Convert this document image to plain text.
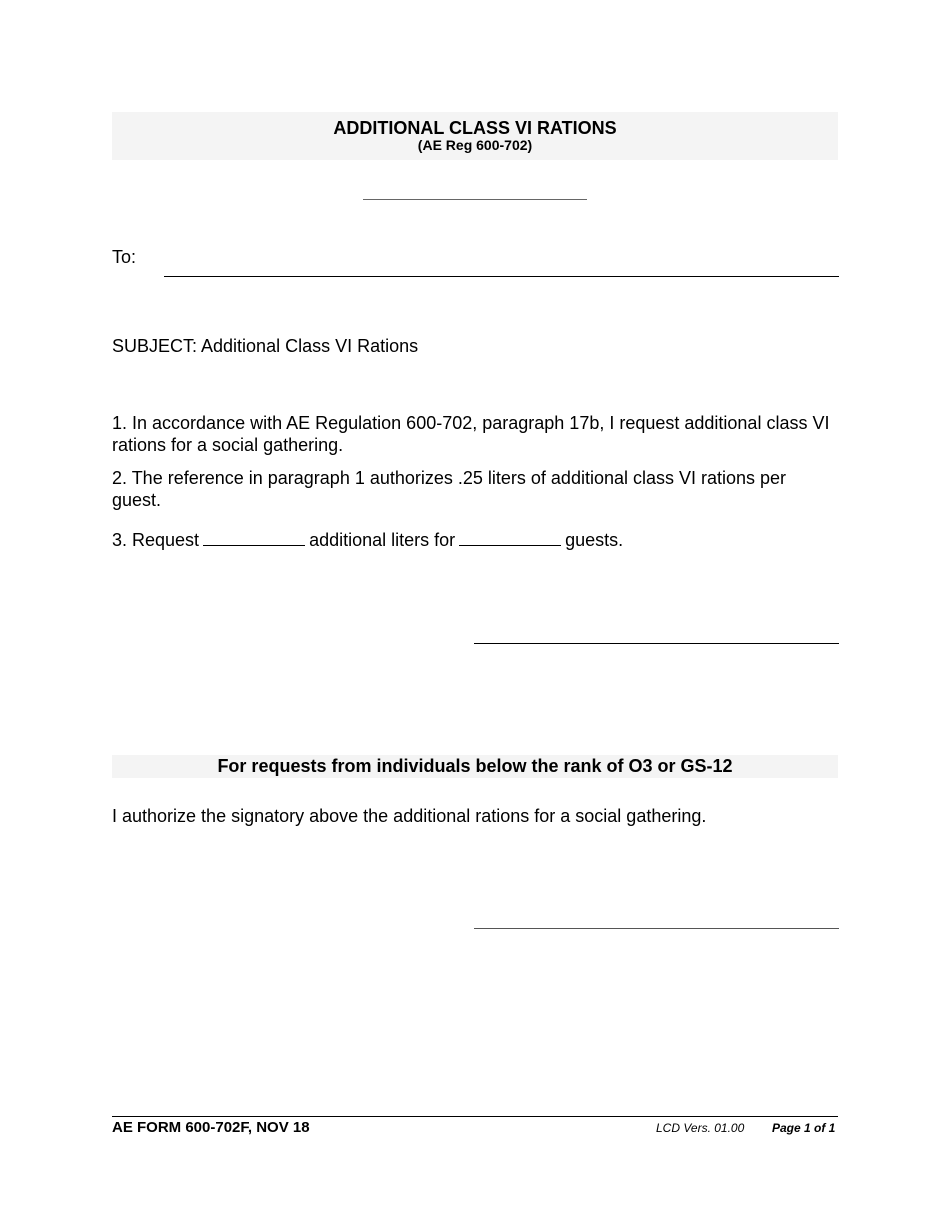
ADDITIONAL CLASS VI RATIONS
(AE Reg 600-702)
To:
SUBJECT: Additional Class VI Rations
1. In accordance with AE Regulation 600-702, paragraph 17b, I request additional class VI rations for a social gathering.
2. The reference in paragraph 1 authorizes .25 liters of additional class VI rations per guest.
3. Request	additional liters for	guests.
For requests from individuals below the rank of O3 or GS-12
I authorize the signatory above the additional rations for a social gathering.
AE FORM 600-702F, NOV 18	LCD Vers. 01.00 Page 1 of 1
